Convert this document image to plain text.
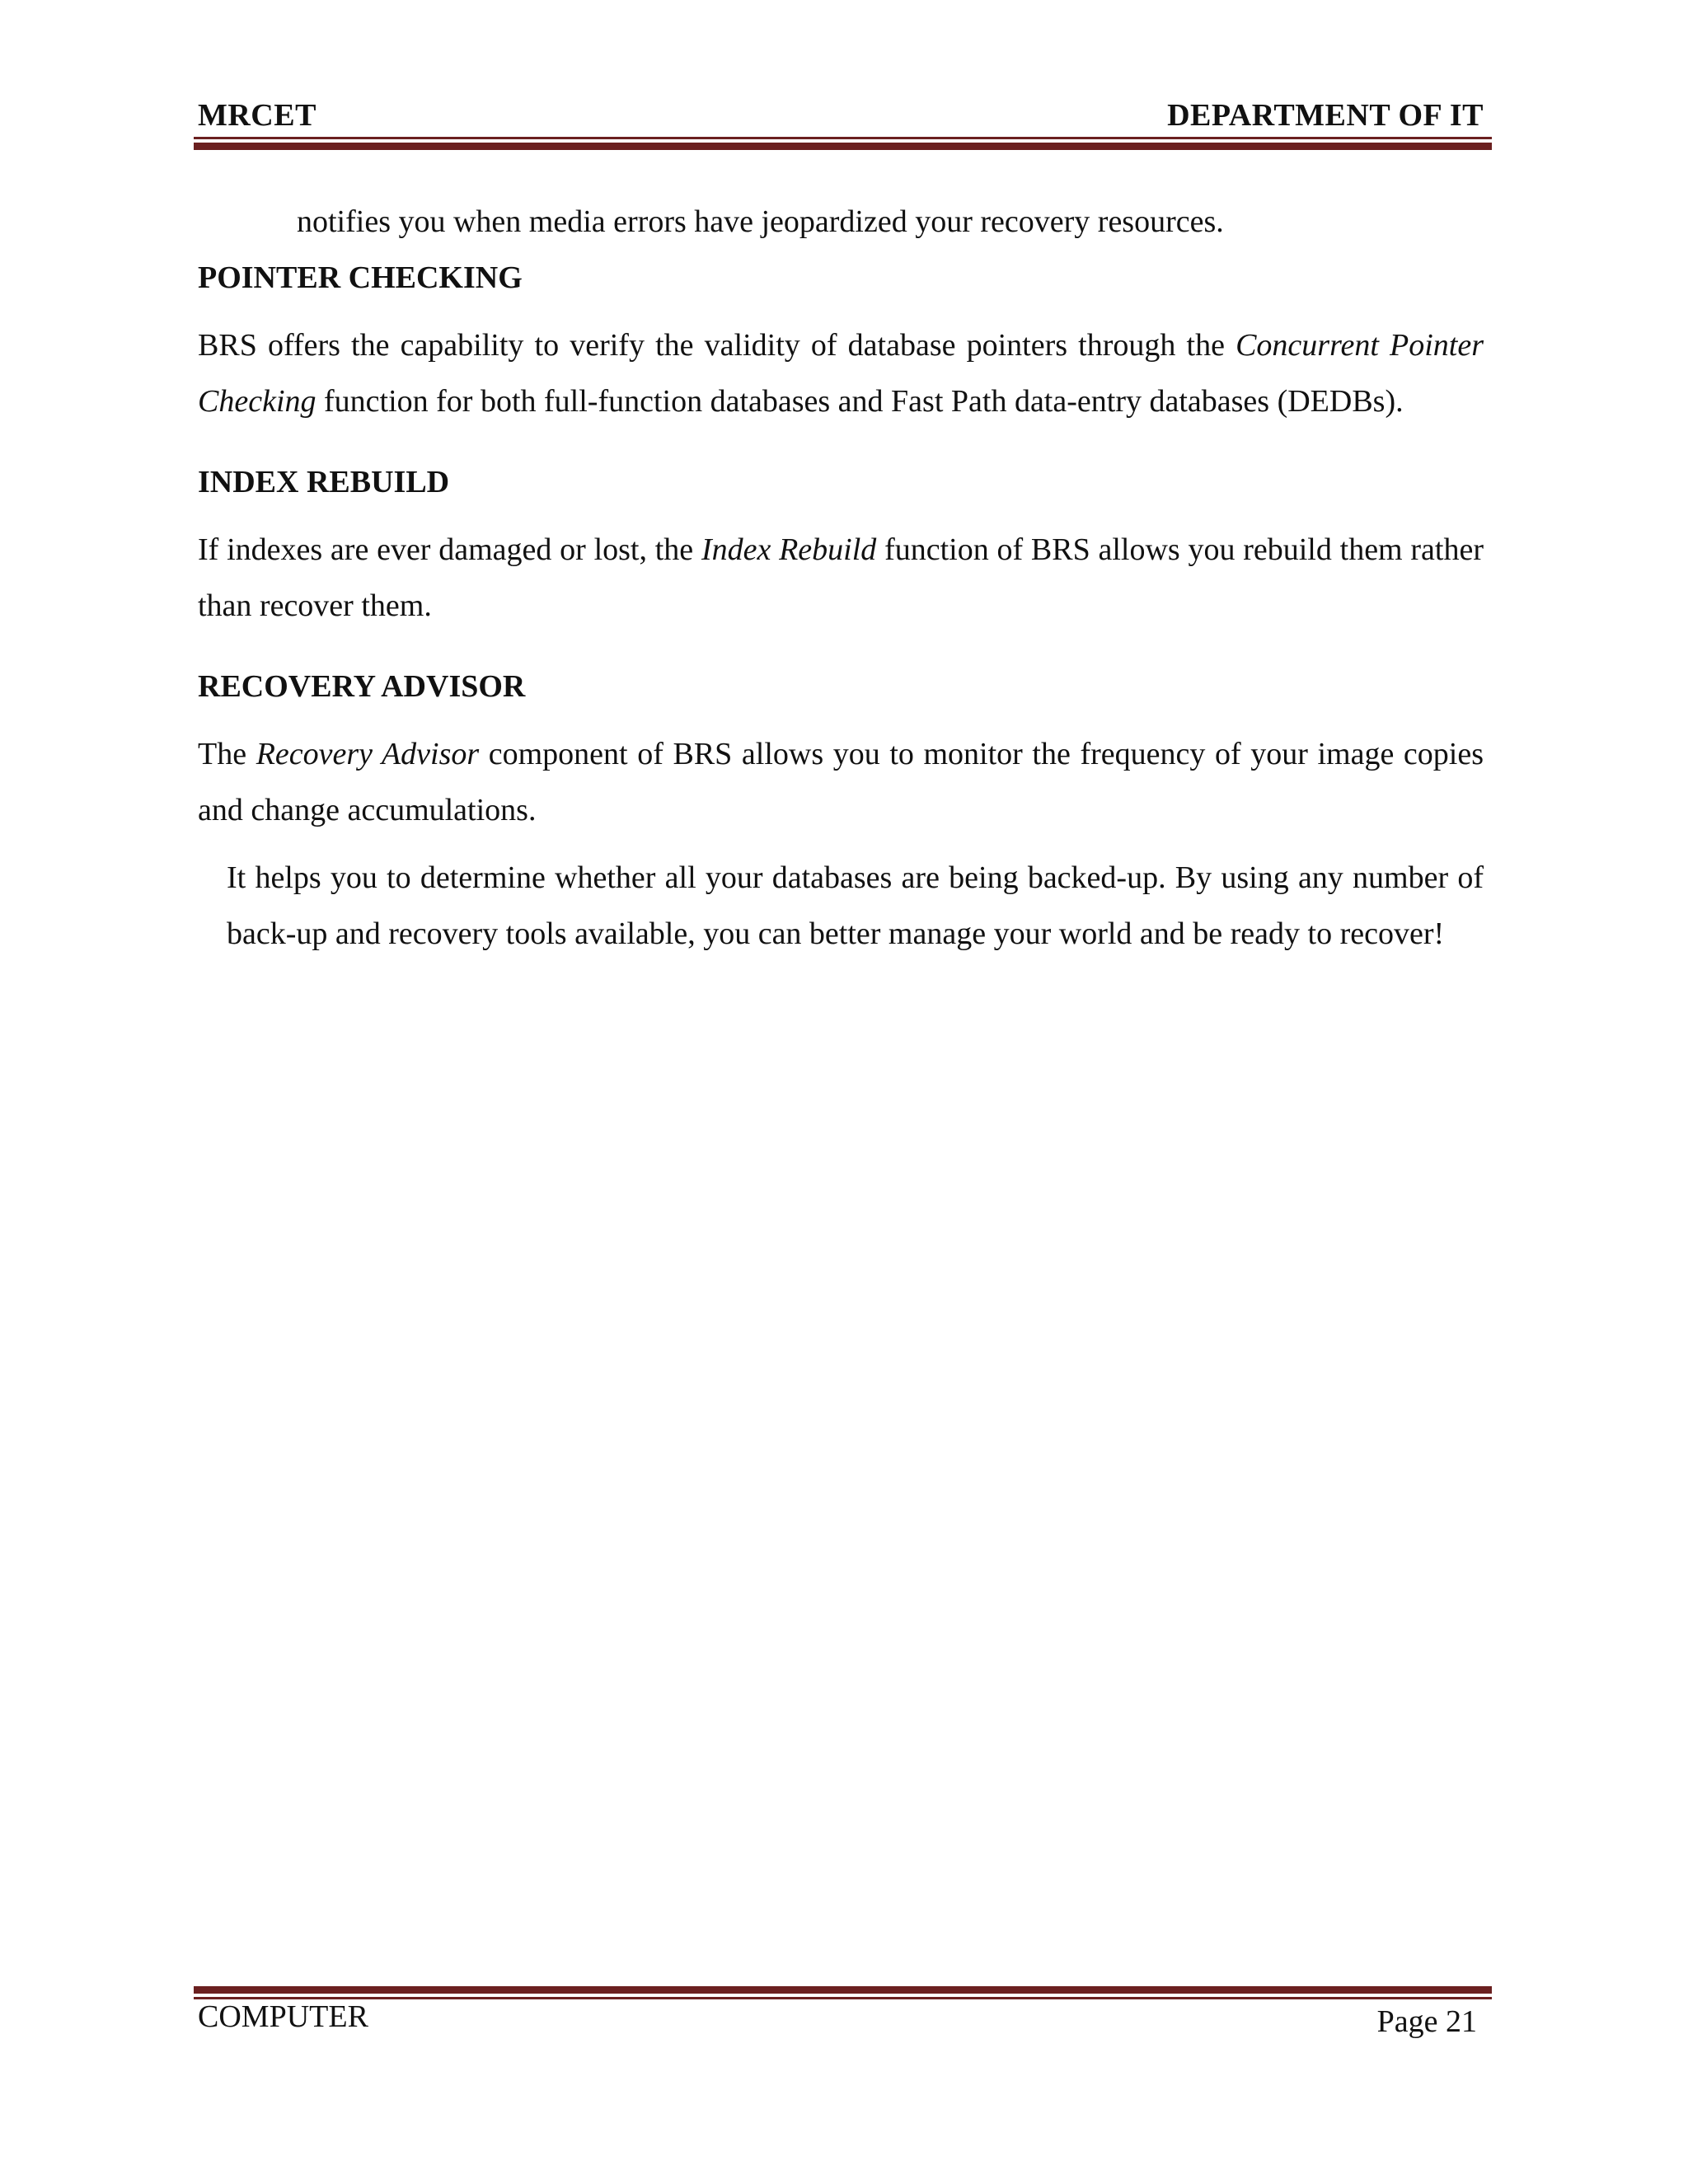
MRCET	DEPARTMENT OF IT

notifies you when media errors have jeopardized your recovery resources.

POINTER CHECKING

BRS offers the capability to verify the validity of database pointers through the Concurrent Pointer Checking function for both full-function databases and Fast Path data-entry databases (DEDBs).

INDEX REBUILD

If indexes are ever damaged or lost, the Index Rebuild function of BRS allows you rebuild them rather than recover them.

RECOVERY ADVISOR

The Recovery Advisor component of BRS allows you to monitor the frequency of your image copies and change accumulations.

It helps you to determine whether all your databases are being backed-up. By using any number of back-up and recovery tools available, you can better manage your world and be ready to recover!

COMPUTER	Page 21
